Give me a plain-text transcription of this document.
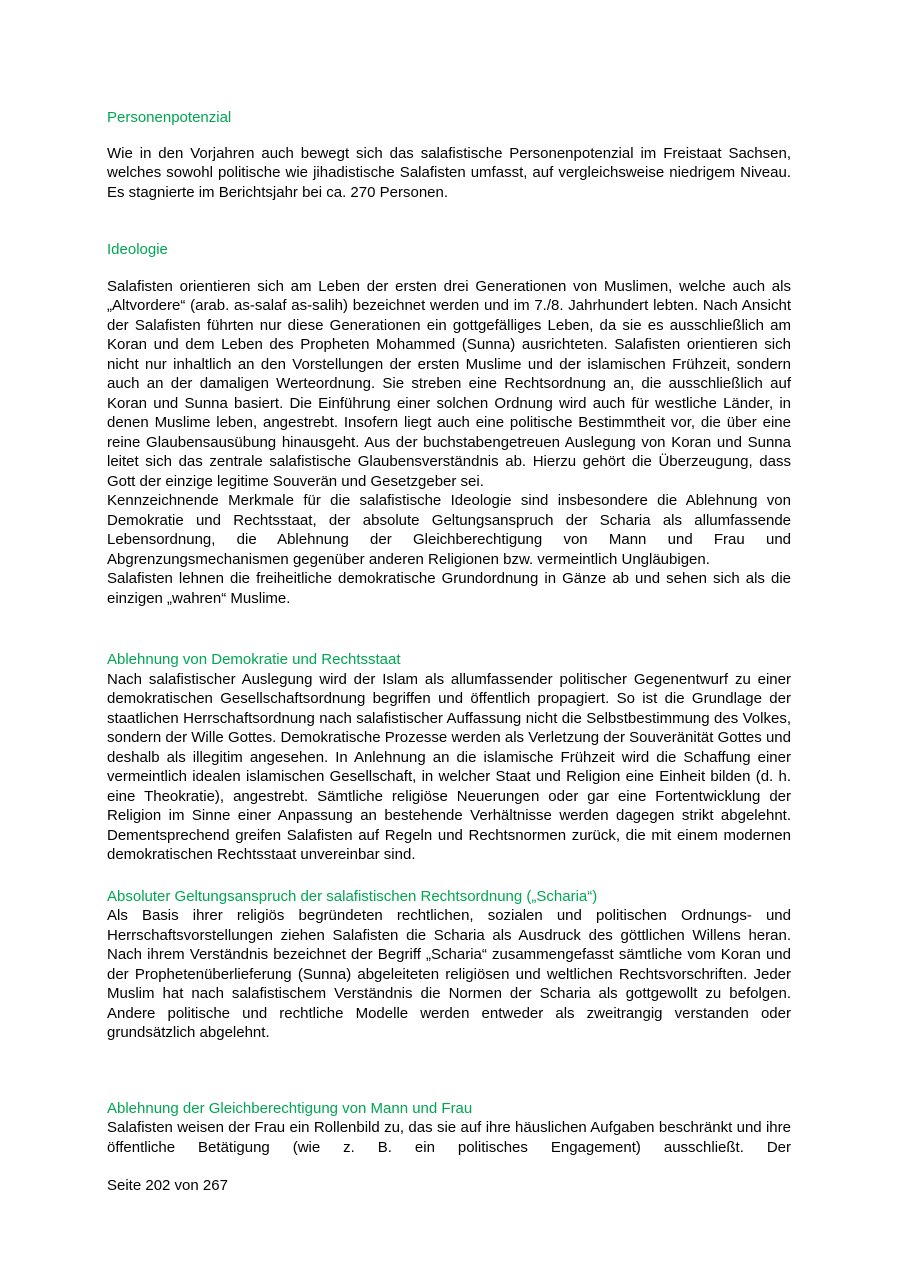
Personenpotenzial

Wie in den Vorjahren auch bewegt sich das salafistische Personenpotenzial im Freistaat Sachsen, welches sowohl politische wie jihadistische Salafisten umfasst, auf vergleichsweise niedrigem Niveau. Es stagnierte im Berichtsjahr bei ca. 270 Personen.

Ideologie

Salafisten orientieren sich am Leben der ersten drei Generationen von Muslimen, welche auch als „Altvordere“ (arab. as-salaf as-salih) bezeichnet werden und im 7./8. Jahrhundert lebten. Nach Ansicht der Salafisten führten nur diese Generationen ein gottgefälliges Leben, da sie es ausschließlich am Koran und dem Leben des Propheten Mohammed (Sunna) ausrichteten. Salafisten orientieren sich nicht nur inhaltlich an den Vorstellungen der ersten Muslime und der islamischen Frühzeit, sondern auch an der damaligen Werteordnung. Sie streben eine Rechtsordnung an, die ausschließlich auf Koran und Sunna basiert. Die Einführung einer solchen Ordnung wird auch für westliche Länder, in denen Muslime leben, angestrebt. Insofern liegt auch eine politische Bestimmtheit vor, die über eine reine Glaubensausübung hinausgeht. Aus der buchstabengetreuen Auslegung von Koran und Sunna leitet sich das zentrale salafistische Glaubensverständnis ab. Hierzu gehört die Überzeugung, dass Gott der einzige legitime Souverän und Gesetzgeber sei.

Kennzeichnende Merkmale für die salafistische Ideologie sind insbesondere die Ablehnung von Demokratie und Rechtsstaat, der absolute Geltungsanspruch der Scharia als allumfassende Lebensordnung, die Ablehnung der Gleichberechtigung von Mann und Frau und Abgrenzungsmechanismen gegenüber anderen Religionen bzw. vermeintlich Ungläubigen.

Salafisten lehnen die freiheitliche demokratische Grundordnung in Gänze ab und sehen sich als die einzigen „wahren“ Muslime.

Ablehnung von Demokratie und Rechtsstaat

Nach salafistischer Auslegung wird der Islam als allumfassender politischer Gegenentwurf zu einer demokratischen Gesellschaftsordnung begriffen und öffentlich propagiert. So ist die Grundlage der staatlichen Herrschaftsordnung nach salafistischer Auffassung nicht die Selbstbestimmung des Volkes, sondern der Wille Gottes. Demokratische Prozesse werden als Verletzung der Souveränität Gottes und deshalb als illegitim angesehen. In Anlehnung an die islamische Frühzeit wird die Schaffung einer vermeintlich idealen islamischen Gesellschaft, in welcher Staat und Religion eine Einheit bilden (d. h. eine Theokratie), angestrebt. Sämtliche religiöse Neuerungen oder gar eine Fortentwicklung der Religion im Sinne einer Anpassung an bestehende Verhältnisse werden dagegen strikt abgelehnt. Dementsprechend greifen Salafisten auf Regeln und Rechtsnormen zurück, die mit einem modernen demokratischen Rechtsstaat unvereinbar sind.

Absoluter Geltungsanspruch der salafistischen Rechtsordnung („Scharia“)

Als Basis ihrer religiös begründeten rechtlichen, sozialen und politischen Ordnungs- und Herrschaftsvorstellungen ziehen Salafisten die Scharia als Ausdruck des göttlichen Willens heran. Nach ihrem Verständnis bezeichnet der Begriff „Scharia“ zusammengefasst sämtliche vom Koran und der Prophetenüberlieferung (Sunna) abgeleiteten religiösen und weltlichen Rechtsvorschriften. Jeder Muslim hat nach salafistischem Verständnis die Normen der Scharia als gottgewollt zu befolgen. Andere politische und rechtliche Modelle werden entweder als zweitrangig verstanden oder grundsätzlich abgelehnt.

Ablehnung der Gleichberechtigung von Mann und Frau

Salafisten weisen der Frau ein Rollenbild zu, das sie auf ihre häuslichen Aufgaben beschränkt und ihre öffentliche Betätigung (wie z. B. ein politisches Engagement) ausschließt. Der

Seite 202 von 267
